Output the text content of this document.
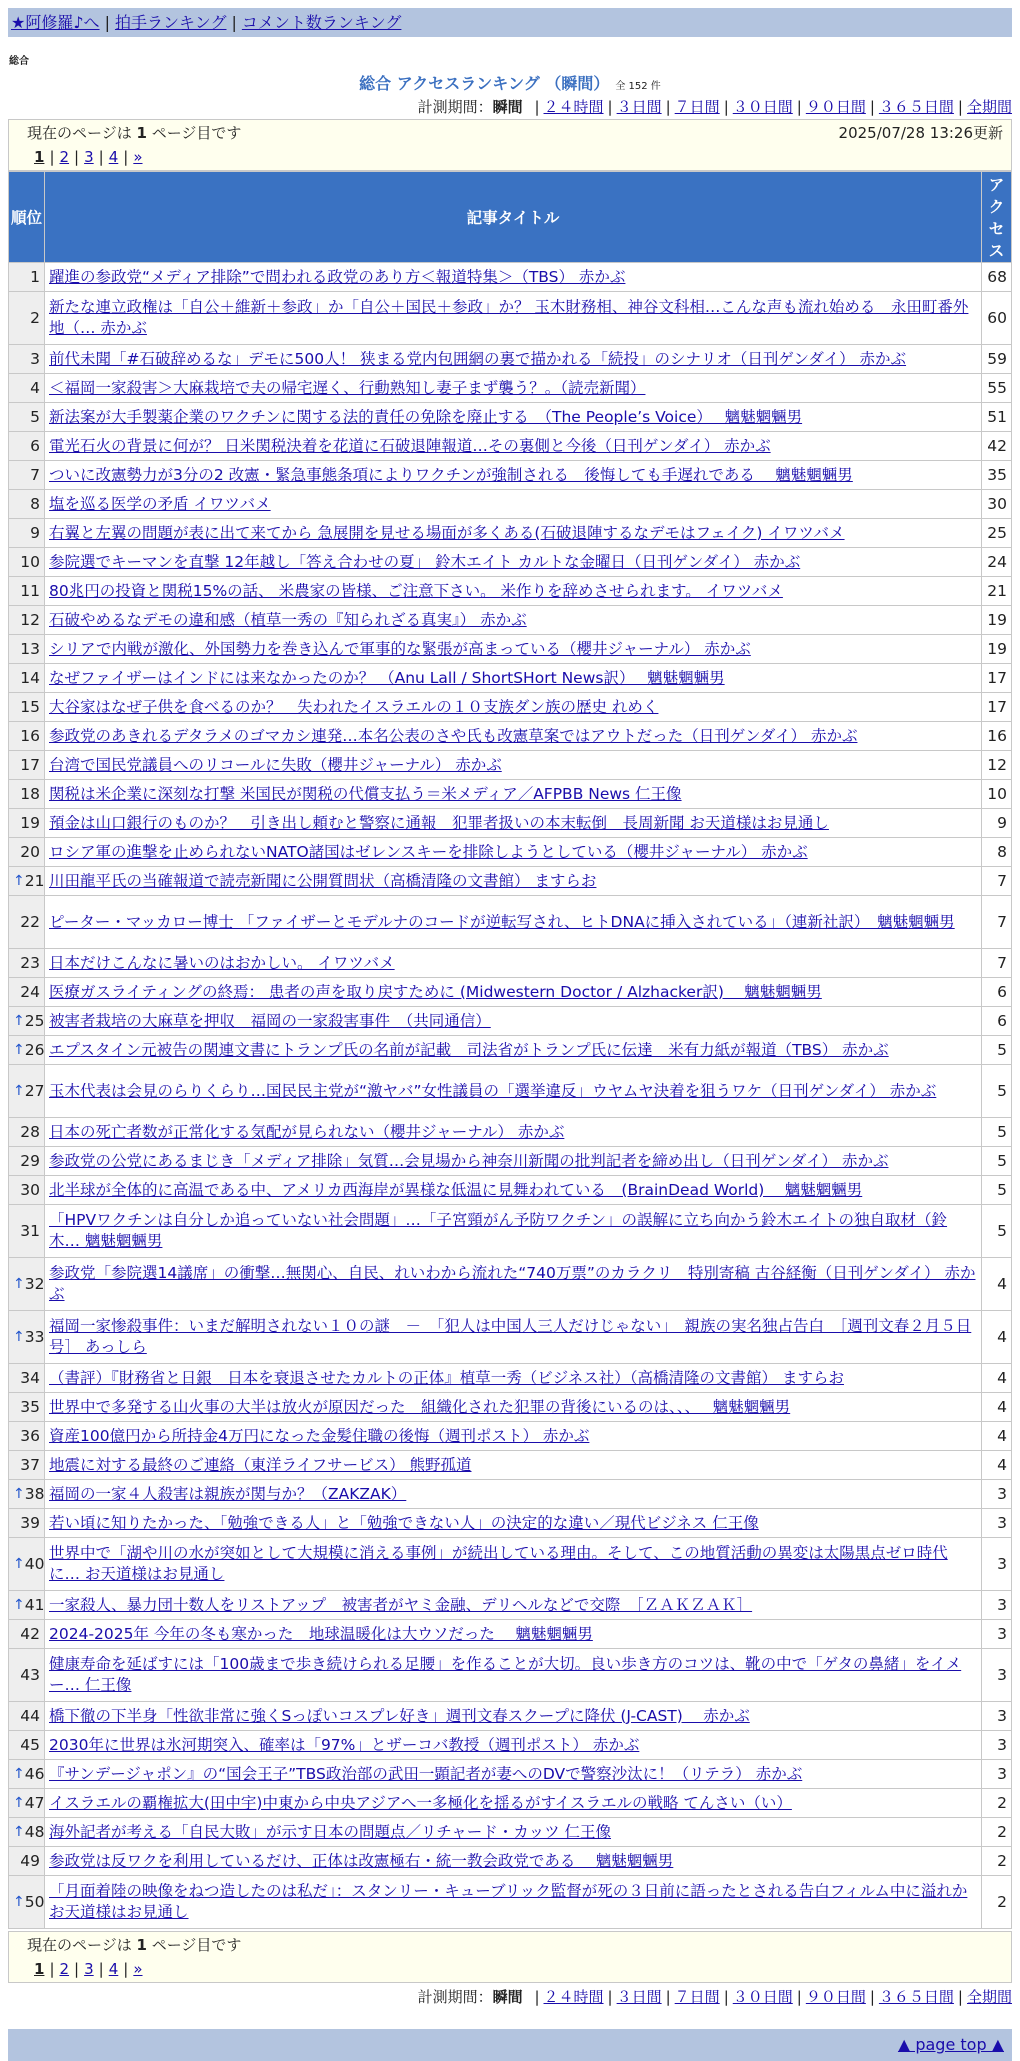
★阿修羅♪へ | 拍手ランキング | コメント数ランキング
総合
総合 アクセスランキング （瞬間） 全 152 件
計測期間：瞬間 | ２４時間 | ３日間 | ７日間 | ３０日間 | ９０日間 | ３６５日間 | 全期間
現在のページは 1 ページ目です	2025/07/28 13:26更新
1 | 2 | 3 | 4 | »
順位	記事タイトル	アクセス
1	躍進の参政党“メディア排除”で問われる政党のあり方＜報道特集＞（TBS） 赤かぶ	68
2	新たな連立政権は「自公＋維新＋参政」か「自公＋国民＋参政」か？ 玉木財務相、神谷文科相…こんな声も流れ始める　永田町番外地（… 赤かぶ	60
3	前代未聞「#石破辞めるな」デモに500人！ 狭まる党内包囲網の裏で描かれる「続投」のシナリオ（日刊ゲンダイ） 赤かぶ	59
4	＜福岡一家殺害＞大麻栽培で夫の帰宅遅く、行動熟知し妻子まず襲う？。（読売新聞）	55
5	新法案が大手製薬企業のワクチンに関する法的責任の免除を廃止する　（The People’s Voice）　 魑魅魍魎男	51
6	電光石火の背景に何が？ 日米関税決着を花道に石破退陣報道…その裏側と今後（日刊ゲンダイ） 赤かぶ	42
7	ついに改憲勢力が3分の2 改憲・緊急事態条項によりワクチンが強制される　後悔しても手遅れである　 魑魅魍魎男	35
8	塩を巡る医学の矛盾 イワツバメ	30
9	右翼と左翼の問題が表に出て来てから 急展開を見せる場面が多くある(石破退陣するなデモはフェイク) イワツバメ	25
10	参院選でキーマンを直撃 12年越し「答え合わせの夏」 鈴木エイト カルトな金曜日（日刊ゲンダイ） 赤かぶ	24
11	80兆円の投資と関税15%の話、 米農家の皆様、ご注意下さい。 米作りを辞めさせられます。 イワツバメ	21
12	石破やめるなデモの違和感（植草一秀の『知られざる真実』） 赤かぶ	19
13	シリアで内戦が激化、外国勢力を巻き込んで軍事的な緊張が高まっている（櫻井ジャーナル） 赤かぶ	19
14	なぜファイザーはインドには来なかったのか？ （Anu Lall / ShortSHort News訳）　 魑魅魍魎男	17
15	大谷家はなぜ子供を食べるのか？　失われたイスラエルの１０支族ダン族の歴史 れめく	17
16	参政党のあきれるデタラメのゴマカシ連発…本名公表のさや氏も改憲草案ではアウトだった（日刊ゲンダイ） 赤かぶ	16
17	台湾で国民党議員へのリコールに失敗（櫻井ジャーナル） 赤かぶ	12
18	関税は米企業に深刻な打撃 米国民が関税の代償支払う＝米メディア／AFPBB News 仁王像	10
19	預金は山口銀行のものか？　引き出し頼むと警察に通報　犯罪者扱いの本末転倒　長周新聞 お天道様はお見通し	9
20	ロシア軍の進撃を止められないNATO諸国はゼレンスキーを排除しようとしている（櫻井ジャーナル） 赤かぶ	8

↑ 21	川田龍平氏の当確報道で読売新聞に公開質問状（高橋清隆の文書館） ますらお	7
22	ピーター・マッカロー博士 「ファイザーとモデルナのコードが逆転写され、ヒトDNAに挿入されている」（連新社訳）　魑魅魍魎男	7
23	日本だけこんなに暑いのはおかしい。 イワツバメ	7
24	医療ガスライティングの終焉： 患者の声を取り戻すために (Midwestern Doctor / Alzhacker訳)　 魑魅魍魎男	6

↑ 25	被害者栽培の大麻草を押収　福岡の一家殺害事件　（共同通信）	6

↑ 26	エプスタイン元被告の関連文書にトランプ氏の名前が記載　司法省がトランプ氏に伝達　米有力紙が報道（TBS） 赤かぶ	5

↑ 27	玉木代表は会見のらりくらり…国民民主党が“激ヤバ”女性議員の「選挙違反」ウヤムヤ決着を狙うワケ（日刊ゲンダイ） 赤かぶ	5
28	日本の死亡者数が正常化する気配が見られない（櫻井ジャーナル） 赤かぶ	5
29	参政党の公党にあるまじき「メディア排除」気質…会見場から神奈川新聞の批判記者を締め出し（日刊ゲンダイ） 赤かぶ	5
30	北半球が全体的に高温である中、アメリカ西海岸が異様な低温に見舞われている　(BrainDead World)　 魑魅魍魎男	5
31	「HPVワクチンは自分しか追っていない社会問題」…「子宮頸がん予防ワクチン」の誤解に立ち向かう鈴木エイトの独自取材（鈴木… 魑魅魍魎男	5

↑ 32	参政党「参院選14議席」の衝撃…無関心、自民、れいわから流れた“740万票”のカラクリ　特別寄稿 古谷経衡（日刊ゲンダイ） 赤かぶ	4

↑ 33	福岡一家惨殺事件：いまだ解明されない１０の謎　－　「犯人は中国人三人だけじゃない」　親族の実名独占告白　［週刊文春２月５日号］ あっしら	4
34	（書評）『財務省と日銀　日本を衰退させたカルトの正体』植草一秀（ビジネス社）（高橋清隆の文書館） ますらお	4
35	世界中で多発する山火事の大半は放火が原因だった　組織化された犯罪の背後にいるのは、、、　 魑魅魍魎男	4
36	資産100億円から所持金4万円になった金髪住職の後悔（週刊ポスト） 赤かぶ	4
37	地震に対する最終のご連絡（東洋ライフサービス） 熊野孤道	4

↑ 38	福岡の一家４人殺害は親族が関与か？（ZAKZAK）	3
39	若い頃に知りたかった、「勉強できる人」と「勉強できない人」の決定的な違い／現代ビジネス 仁王像	3

↑ 40	世界中で「湖や川の水が突如として大規模に消える事例」が続出している理由。そして、この地質活動の異変は太陽黒点ゼロ時代に… お天道様はお見通し	3

↑ 41	一家殺人、暴力団十数人をリストアップ　被害者がヤミ金融、デリヘルなどで交際　［ＺＡＫＺＡＫ］	3
42	2024-2025年 今年の冬も寒かった　地球温暖化は大ウソだった　 魑魅魍魎男	3
43	健康寿命を延ばすには「100歳まで歩き続けられる足腰」を作ることが大切。良い歩き方のコツは、靴の中で「ゲタの鼻緒」をイメー… 仁王像	3
44	橋下徹の下半身「性欲非常に強くSっぽいコスプレ好き」週刊文春スクープに降伏 (J-CAST)　 赤かぶ	3
45	2030年に世界は氷河期突入、確率は「97%」とザーコバ教授（週刊ポスト） 赤かぶ	3

↑ 46	『サンデージャポン』の“国会王子”TBS政治部の武田一顕記者が妻へのDVで警察沙汰に！（リテラ） 赤かぶ	3

↑ 47	イスラエルの覇権拡大(田中宇)中東から中央アジアへ一多極化を揺るがすイスラエルの戦略 てんさい（い）	2

↑ 48	海外記者が考える「自民大敗」が示す日本の問題点／リチャード・カッツ 仁王像	2
49	参政党は反ワクを利用しているだけ、正体は改憲極右・統一教会政党である　 魑魅魍魎男	2

↑ 50	「月面着陸の映像をねつ造したのは私だ」：スタンリー・キューブリック監督が死の３日前に語ったとされる告白フィルム中に溢れか お天道様はお見通し	2
現在のページは 1 ページ目です
1 | 2 | 3 | 4 | »
計測期間：瞬間 | ２４時間 | ３日間 | ７日間 | ３０日間 | ９０日間 | ３６５日間 | 全期間
▲ page top ▲
